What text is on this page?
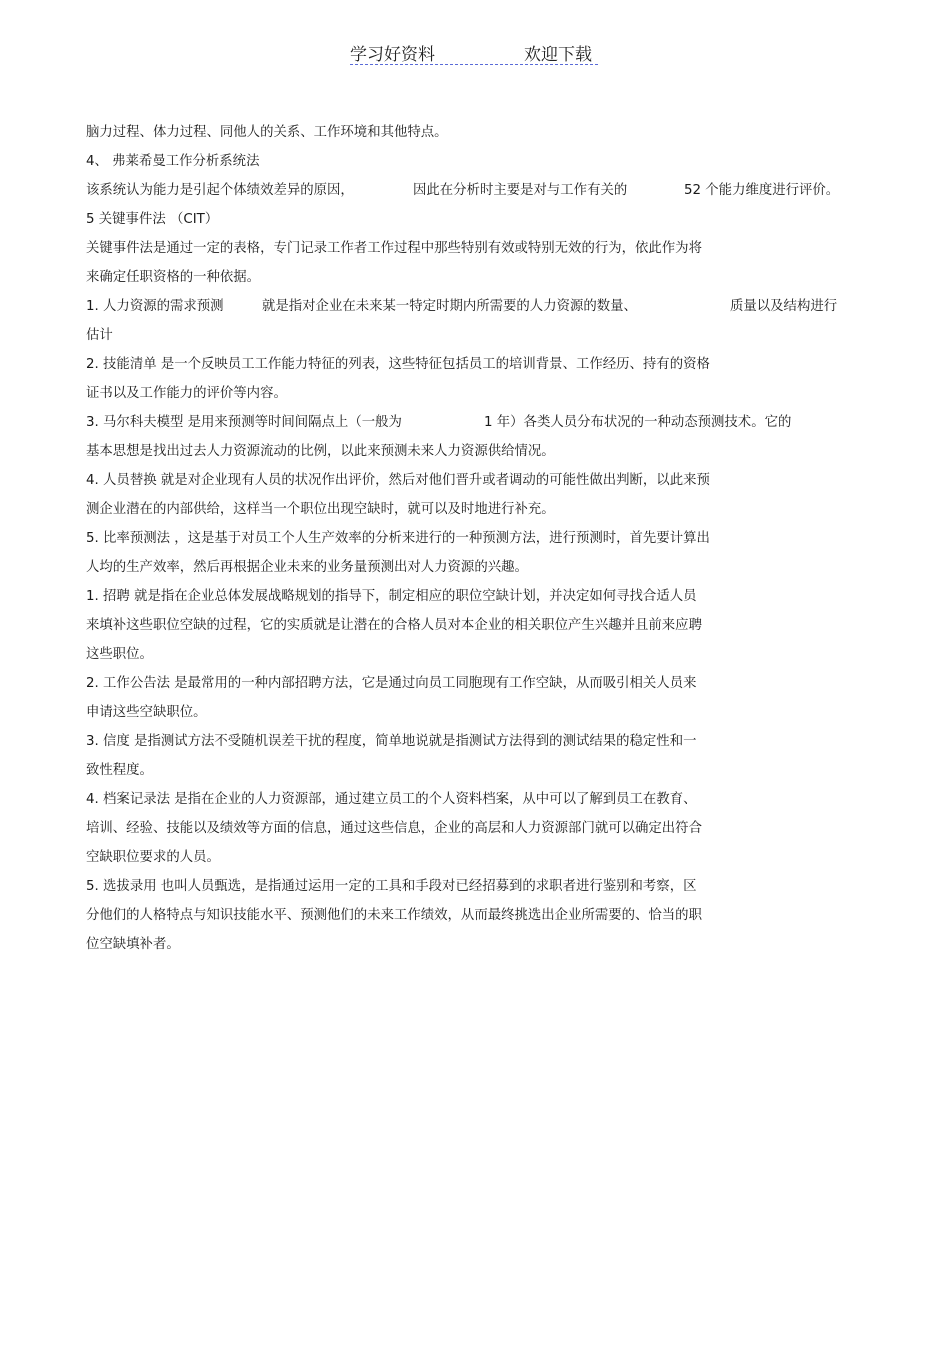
学习好资料	欢迎下载
脑力过程、体力过程、同他人的关系、工作环境和其他特点。
4、 弗莱希曼工作分析系统法
该系统认为能力是引起个体绩效差异的原因，	因此在分析时主要是对与工作有关的	52 个能力维度进行评价。
5 关键事件法 （CIT）
关键事件法是通过一定的表格，专门记录工作者工作过程中那些特别有效或特别无效的行为，依此作为将
来确定任职资格的一种依据。
1. 人力资源的需求预测	就是指对企业在未来某一特定时期内所需要的人力资源的数量、	质量以及结构进行
估计
2. 技能清单 是一个反映员工工作能力特征的列表，这些特征包括员工的培训背景、工作经历、持有的资格
证书以及工作能力的评价等内容。
3. 马尔科夫模型 是用来预测等时间间隔点上（一般为	1 年）各类人员分布状况的一种动态预测技术。它的
基本思想是找出过去人力资源流动的比例，以此来预测未来人力资源供给情况。
4. 人员替换 就是对企业现有人员的状况作出评价，然后对他们晋升或者调动的可能性做出判断，以此来预
测企业潜在的内部供给，这样当一个职位出现空缺时，就可以及时地进行补充。
5. 比率预测法 ，这是基于对员工个人生产效率的分析来进行的一种预测方法，进行预测时，首先要计算出
人均的生产效率，然后再根据企业未来的业务量预测出对人力资源的兴趣。
1. 招聘 就是指在企业总体发展战略规划的指导下，制定相应的职位空缺计划，并决定如何寻找合适人员
来填补这些职位空缺的过程，它的实质就是让潜在的合格人员对本企业的相关职位产生兴趣并且前来应聘
这些职位。
2. 工作公告法 是最常用的一种内部招聘方法，它是通过向员工同胞现有工作空缺，从而吸引相关人员来
申请这些空缺职位。
3. 信度 是指测试方法不受随机误差干扰的程度，简单地说就是指测试方法得到的测试结果的稳定性和一
致性程度。
4. 档案记录法 是指在企业的人力资源部，通过建立员工的个人资料档案，从中可以了解到员工在教育、
培训、经验、技能以及绩效等方面的信息，通过这些信息，企业的高层和人力资源部门就可以确定出符合
空缺职位要求的人员。
5. 选拔录用 也叫人员甄选，是指通过运用一定的工具和手段对已经招募到的求职者进行鉴别和考察，区
分他们的人格特点与知识技能水平、预测他们的未来工作绩效，从而最终挑选出企业所需要的、恰当的职
位空缺填补者。
